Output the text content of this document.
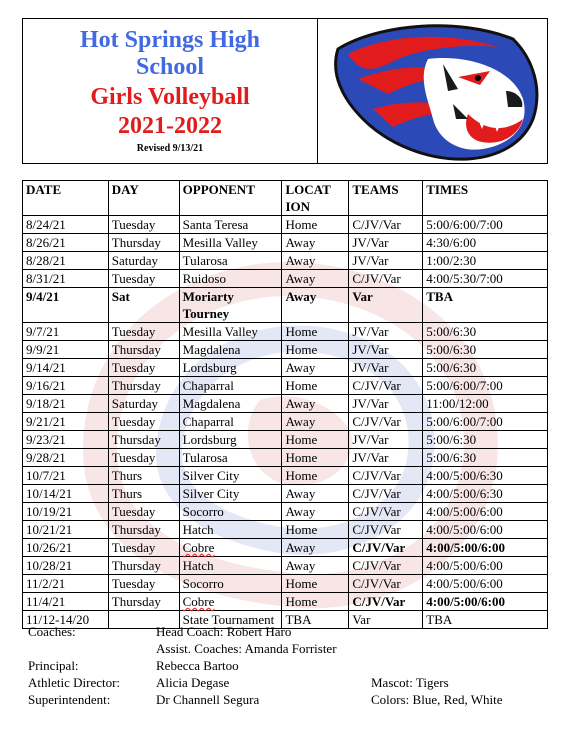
Hot Springs High
School
Girls Volleyball
2021-2022
Revised 9/13/21
DATE	DAY	OPPONENT	LOCAT ION	TEAMS	TIMES
8/24/21	Tuesday	Santa Teresa	Home	C/JV/Var	5:00/6:00/7:00
8/26/21	Thursday	Mesilla Valley	Away	JV/Var	4:30/6:00
8/28/21	Saturday	Tularosa	Away	JV/Var	1:00/2:30
8/31/21	Tuesday	Ruidoso	Away	C/JV/Var	4:00/5:30/7:00
9/4/21	Sat	Moriarty Tourney	Away	Var	TBA
9/7/21	Tuesday	Mesilla Valley	Home	JV/Var	5:00/6:30
9/9/21	Thursday	Magdalena	Home	JV/Var	5:00/6:30
9/14/21	Tuesday	Lordsburg	Away	JV/Var	5:00/6:30
9/16/21	Thursday	Chaparral	Home	C/JV/Var	5:00/6:00/7:00
9/18/21	Saturday	Magdalena	Away	JV/Var	11:00/12:00
9/21/21	Tuesday	Chaparral	Away	C/JV/Var	5:00/6:00/7:00
9/23/21	Thursday	Lordsburg	Home	JV/Var	5:00/6:30
9/28/21	Tuesday	Tularosa	Home	JV/Var	5:00/6:30
10/7/21	Thurs	Silver City	Home	C/JV/Var	4:00/5:00/6:30
10/14/21	Thurs	Silver City	Away	C/JV/Var	4:00/5:00/6:30
10/19/21	Tuesday	Socorro	Away	C/JV/Var	4:00/5:00/6:00
10/21/21	Thursday	Hatch	Home	C/JV/Var	4:00/5:00/6:00
10/26/21	Tuesday	Cobre	Away	C/JV/Var	4:00/5:00/6:00
10/28/21	Thursday	Hatch	Away	C/JV/Var	4:00/5:00/6:00
11/2/21	Tuesday	Socorro	Home	C/JV/Var	4:00/5:00/6:00
11/4/21	Thursday	Cobre	Home	C/JV/Var	4:00/5:00/6:00
11/12-14/20		State Tournament	TBA	Var	TBA
Coaches:	Head Coach: Robert Haro
Assist. Coaches: Amanda Forrister
Principal:	Rebecca Bartoo
Athletic Director:	Alicia Degase	Mascot: Tigers
Superintendent:	Dr Channell Segura	Colors: Blue, Red, White
